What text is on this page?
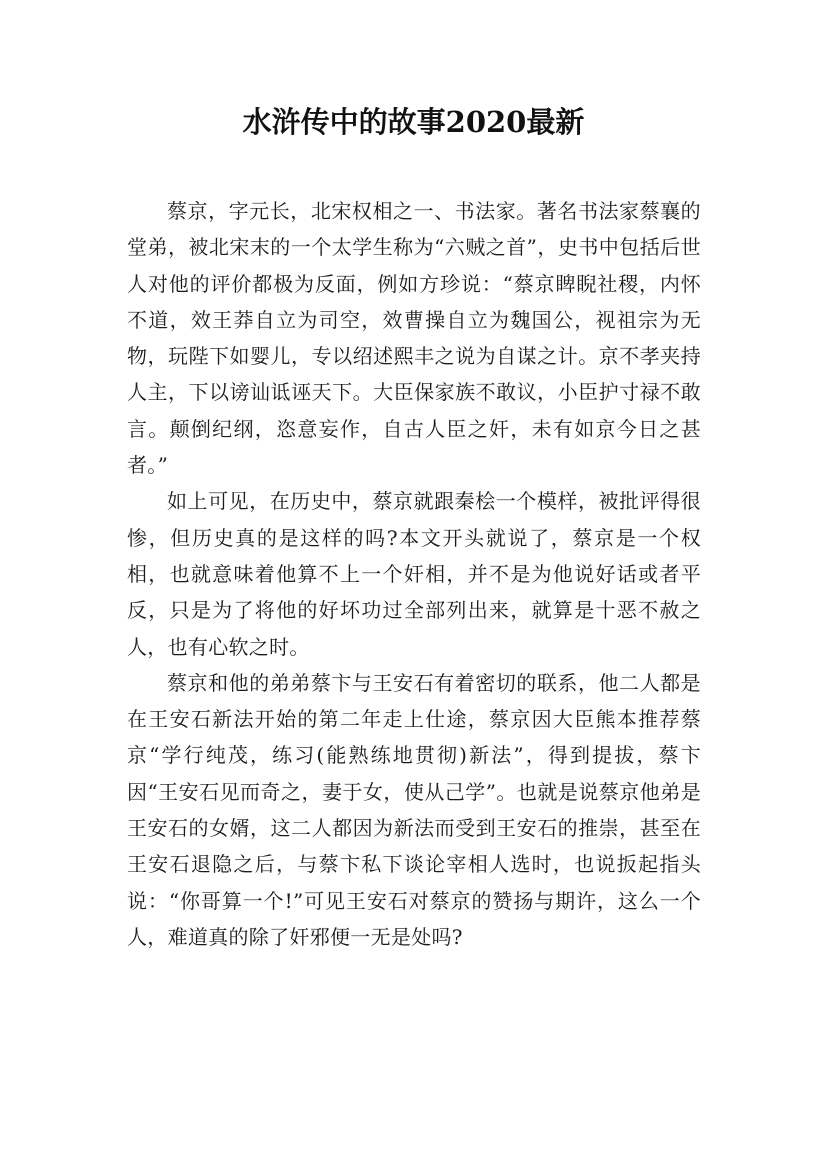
水浒传中的故事2020最新

蔡京，字元长，北宋权相之一、书法家。著名书法家蔡襄的堂弟，被北宋末的一个太学生称为“六贼之首”，史书中包括后世人对他的评价都极为反面，例如方珍说：“蔡京睥睨社稷，内怀不道，效王莽自立为司空，效曹操自立为魏国公，视祖宗为无物，玩陛下如婴儿，专以绍述熙丰之说为自谋之计。京不孝夹持人主，下以谤讪诋诬天下。大臣保家族不敢议，小臣护寸禄不敢言。颠倒纪纲，恣意妄作，自古人臣之奸，未有如京今日之甚者。”

如上可见，在历史中，蔡京就跟秦桧一个模样，被批评得很惨，但历史真的是这样的吗?本文开头就说了，蔡京是一个权相，也就意味着他算不上一个奸相，并不是为他说好话或者平反，只是为了将他的好坏功过全部列出来，就算是十恶不赦之人，也有心软之时。

蔡京和他的弟弟蔡卞与王安石有着密切的联系，他二人都是在王安石新法开始的第二年走上仕途，蔡京因大臣熊本推荐蔡京“学行纯茂，练习(能熟练地贯彻)新法”，得到提拔，蔡卞因“王安石见而奇之，妻于女，使从己学”。也就是说蔡京他弟是王安石的女婿，这二人都因为新法而受到王安石的推崇，甚至在王安石退隐之后，与蔡卞私下谈论宰相人选时，也说扳起指头说：“你哥算一个!”可见王安石对蔡京的赞扬与期许，这么一个人，难道真的除了奸邪便一无是处吗?
